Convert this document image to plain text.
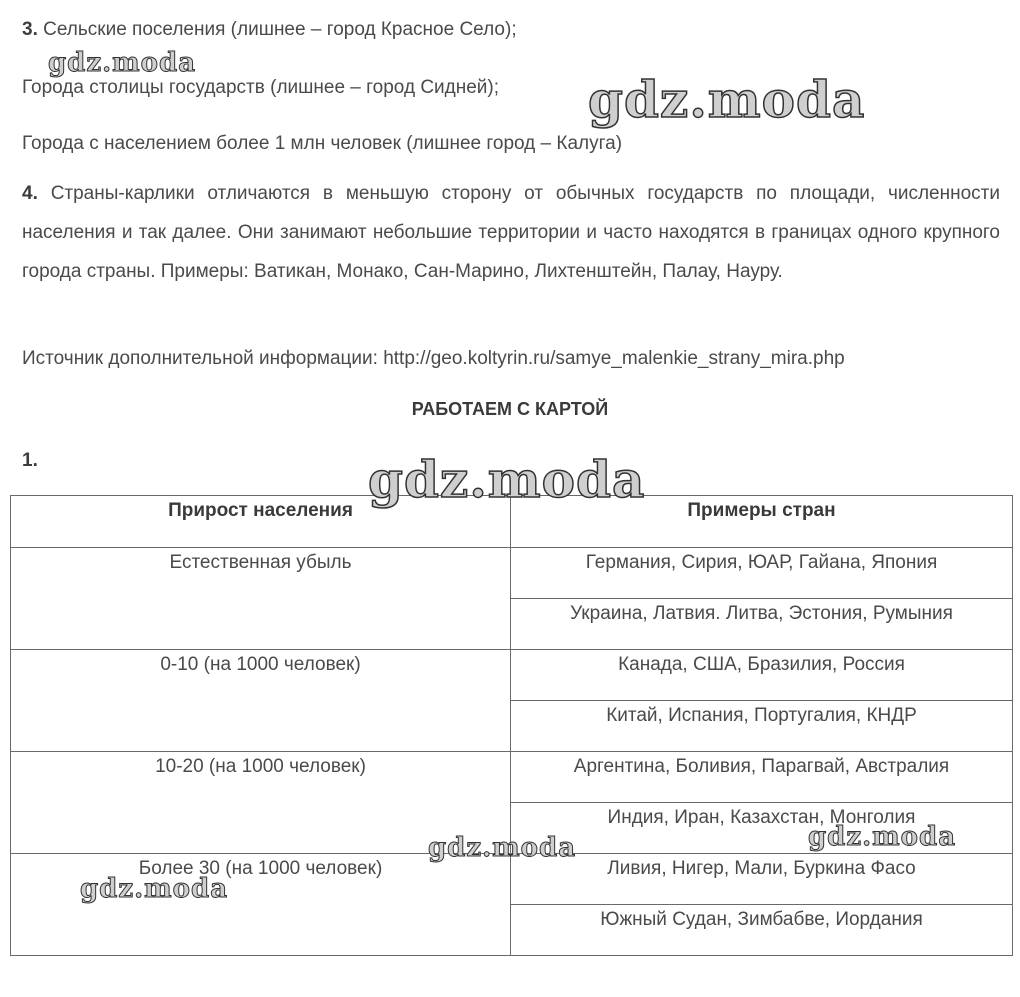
3. Сельские поселения (лишнее – город Красное Село);
Города столицы государств (лишнее – город Сидней);
Города с населением более 1 млн человек (лишнее город – Калуга)
4. Страны-карлики отличаются в меньшую сторону от обычных государств по площади, численности населения и так далее. Они занимают небольшие территории и часто находятся в границах одного крупного города страны. Примеры: Ватикан, Монако, Сан-Марино, Лихтенштейн, Палау, Науру.
Источник дополнительной информации: http://geo.koltyrin.ru/samye_malenkie_strany_mira.php
РАБОТАЕМ С КАРТОЙ
1.
Прирост населения	Примеры стран
Естественная убыль	Германия, Сирия, ЮАР, Гайана, Япония
	Украина, Латвия. Литва, Эстония, Румыния
0-10 (на 1000 человек)	Канада, США, Бразилия, Россия
	Китай, Испания, Португалия, КНДР
10-20 (на 1000 человек)	Аргентина, Боливия, Парагвай, Австралия
	Индия, Иран, Казахстан, Монголия
Более 30 (на 1000 человек)	Ливия, Нигер, Мали, Буркина Фасо
	Южный Судан, Зимбабве, Иордания
gdz.moda
gdz.moda
gdz.moda
gdz.moda	gdz.moda
gdz.moda
